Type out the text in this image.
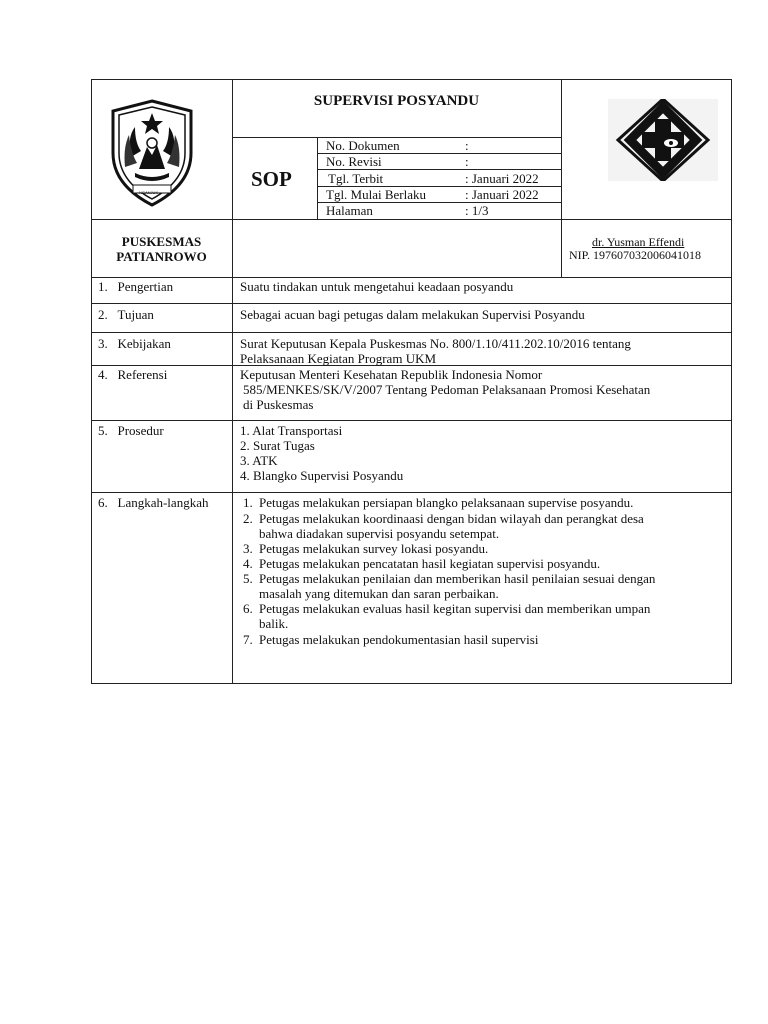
NGANJUK
SUPERVISI POSYANDU
SOP
No. Dokumen	:
No. Revisi	:
Tgl. Terbit	: Januari 2022
Tgl. Mulai Berlaku	: Januari 2022
Halaman	: 1/3
PUSKESMAS
PATIANROWO
dr. Yusman Effendi
NIP. 197607032006041018
1.   Pengertian	Suatu tindakan untuk mengetahui keadaan posyandu
2.   Tujuan	Sebagai acuan bagi petugas dalam melakukan Supervisi Posyandu
3.   Kebijakan	Surat Keputusan Kepala Puskesmas No. 800/1.10/411.202.10/2016 tentang
Pelaksanaan Kegiatan Program UKM
4.   Referensi	Keputusan Menteri Kesehatan Republik Indonesia Nomor
585/MENKES/SK/V/2007 Tentang Pedoman Pelaksanaan Promosi Kesehatan
di Puskesmas
5.   Prosedur	1. Alat Transportasi
2. Surat Tugas
3. ATK
4. Blangko Supervisi Posyandu
6.   Langkah-langkah	1. Petugas melakukan persiapan blangko pelaksanaan supervise posyandu.
2. Petugas melakukan koordinaasi dengan bidan wilayah dan perangkat desa
bahwa diadakan supervisi posyandu setempat.
3. Petugas melakukan survey lokasi posyandu.
4. Petugas melakukan pencatatan hasil kegiatan supervisi posyandu.
5. Petugas melakukan penilaian dan memberikan hasil penilaian sesuai dengan
masalah yang ditemukan dan saran perbaikan.
6. Petugas melakukan evaluas hasil kegitan supervisi dan memberikan umpan
balik.
7. Petugas melakukan pendokumentasian hasil supervisi
